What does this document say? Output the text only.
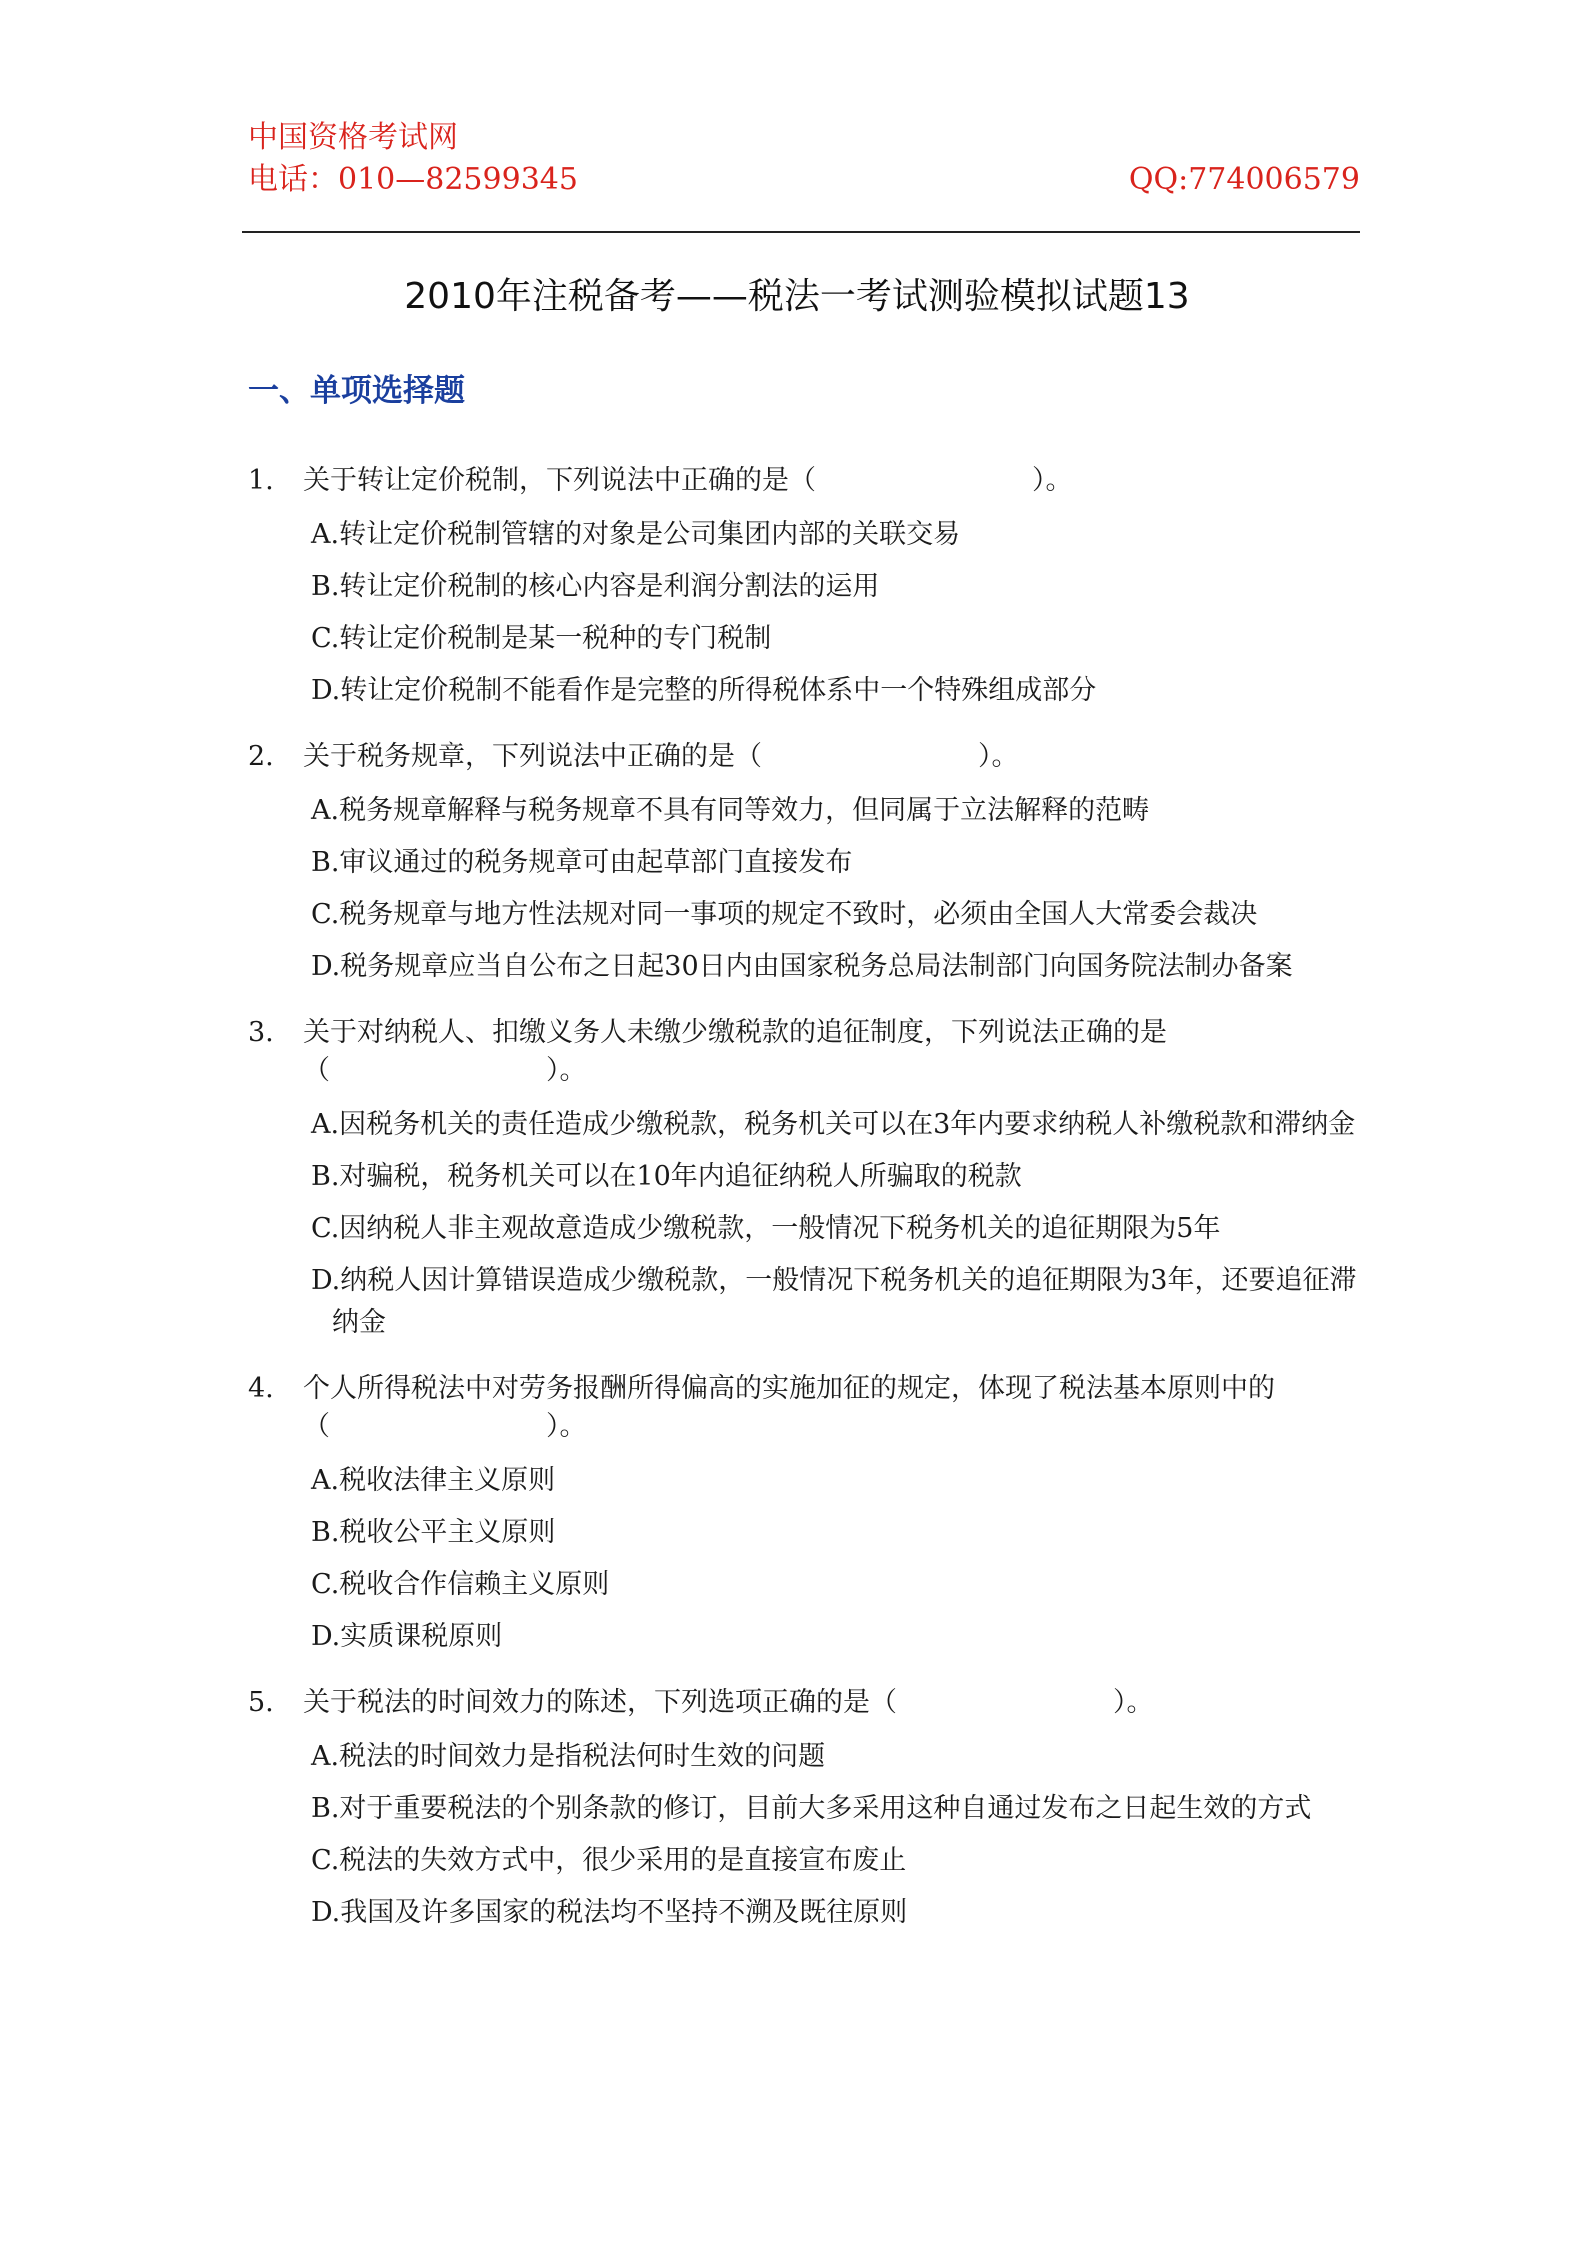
中国资格考试网
电话：010—82599345	QQ:774006579
2010年注税备考——税法一考试测验模拟试题13
一、单项选择题
1.	关于转让定价税制，下列说法中正确的是（　　　　　　　　）。
A.转让定价税制管辖的对象是公司集团内部的关联交易
B.转让定价税制的核心内容是利润分割法的运用
C.转让定价税制是某一税种的专门税制
D.转让定价税制不能看作是完整的所得税体系中一个特殊组成部分
2.	关于税务规章，下列说法中正确的是（　　　　　　　　）。
A.税务规章解释与税务规章不具有同等效力，但同属于立法解释的范畴
B.审议通过的税务规章可由起草部门直接发布
C.税务规章与地方性法规对同一事项的规定不致时，必须由全国人大常委会裁决
D.税务规章应当自公布之日起30日内由国家税务总局法制部门向国务院法制办备案
3.	关于对纳税人、扣缴义务人未缴少缴税款的追征制度，下列说法正确的是
（　　　　　　　　）。
A.因税务机关的责任造成少缴税款，税务机关可以在3年内要求纳税人补缴税款和滞纳金
B.对骗税，税务机关可以在10年内追征纳税人所骗取的税款
C.因纳税人非主观故意造成少缴税款，一般情况下税务机关的追征期限为5年
D.纳税人因计算错误造成少缴税款，一般情况下税务机关的追征期限为3年，还要追征滞纳金
4.	个人所得税法中对劳务报酬所得偏高的实施加征的规定，体现了税法基本原则中的
（　　　　　　　　）。
A.税收法律主义原则
B.税收公平主义原则
C.税收合作信赖主义原则
D.实质课税原则
5.	关于税法的时间效力的陈述，下列选项正确的是（　　　　　　　　）。
A.税法的时间效力是指税法何时生效的问题
B.对于重要税法的个别条款的修订，目前大多采用这种自通过发布之日起生效的方式
C.税法的失效方式中，很少采用的是直接宣布废止
D.我国及许多国家的税法均不坚持不溯及既往原则
